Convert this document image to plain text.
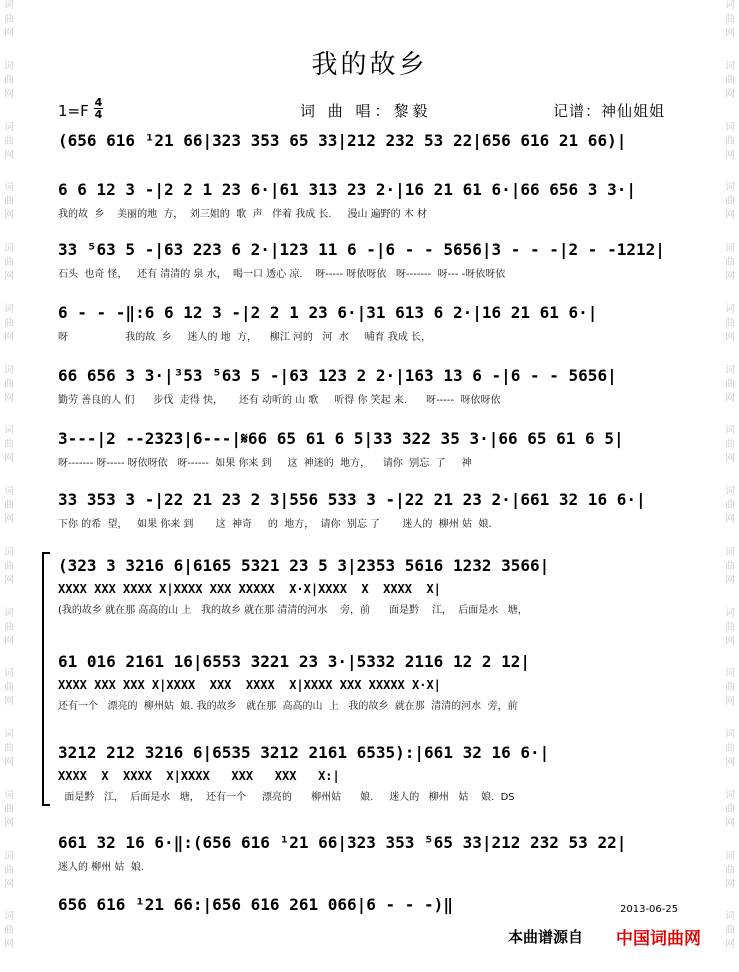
词
曲
网
词
曲
网
词
曲
网
词
曲
网
词
曲
网
词
曲
网
词
曲
网
词
曲
网
词
曲
网
词
曲
网
词
曲
网
词
曲
网
词
曲
网
词
曲
网
词
曲
网
词
曲
网
词
曲
网
词
曲
网
词
曲
网
词
曲
网
词
曲
网
词
曲
网
词
曲
网
词
曲
网
词
曲
网
词
曲
网
词
曲
网
词
曲
网
词
曲
网
词
曲
网
词
曲
网
词
曲
网
我的故乡
1=F 4
4	词 曲 唱：黎毅	记谱：神仙姐姐
(656 616 ¹21 66|323 353 65 33|212 232 53 22|656 616 21 66)|
6 6 12 3 -|2 2 1 23 6·|61 313 23 2·|16 21 61 6·|66 656 3 3·|
我的故  乡    美丽的地  方，  刘三姐的  歌  声   伴着 我成 长.     漫山 遍野的 木 材
33 ⁵63 5 -|63 223 6 2·|123 11 6 -|6 - - 5656|3 - - -|2 - -1212|
石头  也奇 怪，   还有 清清的 泉 水，  喝一口 透心 凉.    呀----- 呀依呀依   呀-------  呀--- -呀依呀依
6 - - -‖:6 6 12 3 -|2 2 1 23 6·|31 613 6 2·|16 21 61 6·|
呀                  我的故  乡     迷人的 地  方，    柳江 河的   河  水     哺育 我成 长，
66 656 3 3·|³53 ⁵63 5 -|63 123 2 2·|163 13 6 -|6 - - 5656|
勤劳 善良的人 们      步伐  走得 快，     还有 动听的 山 歌     听得 你 笑起 来.      呀-----  呀依呀依
3---|2 --2323|6---|𝄋66 65 61 6 5|33 322 35 3·|66 65 61 6 5|
呀------- 呀----- 呀依呀依   呀------  如果 你来 到     这  神迷的  地方，    请你  别忘  了     神
33 353 3 -|22 21 23 2 3|556 533 3 -|22 21 23 2·|661 32 16 6·|
下你 的希  望，   如果 你来 到       这  神奇     的  地方，  请你  别忘 了       迷人的  柳州 姑  娘.
(323 3 3216 6|6165 5321 23 5 3|2353 5616 1232 3566|
XXXX XXX XXXX X|XXXX XXX XXXXX  X·X|XXXX  X  XXXX  X|
(我的故乡 就在那 高高的山 上   我的故乡 就在那 清清的河水    旁，前      面是黔    江，  后面是水   塘，
61 016 2161 16|6553 3221 23 3·|5332 2116 12 2 12|
XXXX XXX XXX X|XXXX  XXX  XXXX  X|XXXX XXX XXXXX X·X|
还有一个   漂亮的  柳州姑  娘. 我的故乡   就在那  高高的山  上   我的故乡  就在那  清清的河水  旁，前
3212 212 3216 6|6535 3212 2161 6535):|661 32 16 6·|
XXXX  X  XXXX  X|XXXX   XXX   XXX   X:|
面是黔   江，  后面是水   塘，  还有一个     漂亮的      柳州姑      娘.     迷人的   柳州   姑    娘.  DS
661 32 16 6·‖:(656 616 ¹21 66|323 353 ⁵65 33|212 232 53 22|
迷人的 柳州 姑  娘.
656 616 ¹21 66:|656 616 261 066|6 - - -)‖	2013-06-25
本曲谱源自 中国词曲网
